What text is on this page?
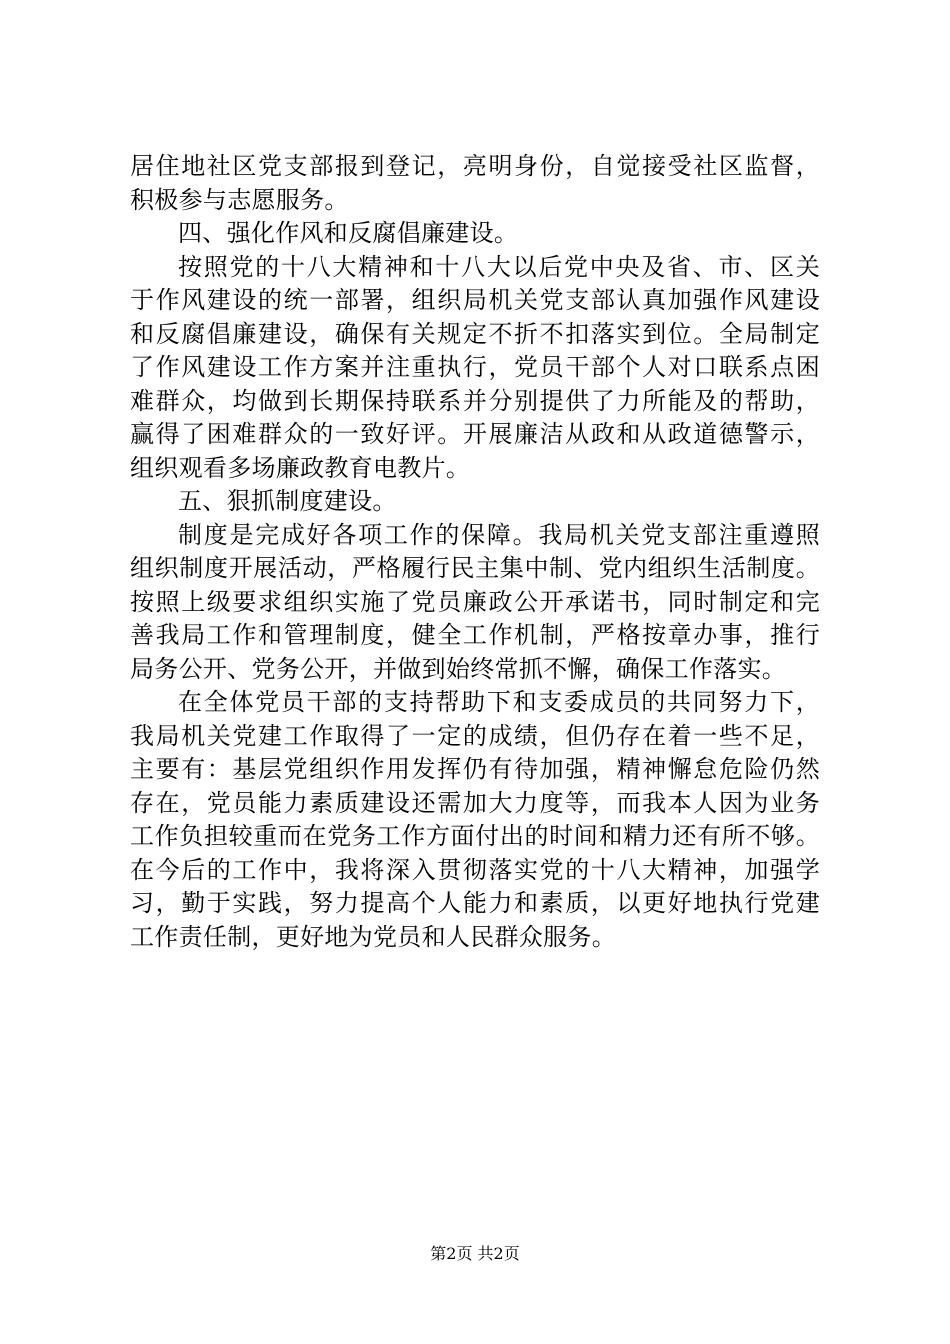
居住地社区党支部报到登记，亮明身份，自觉接受社区监督，
积极参与志愿服务。
四、强化作风和反腐倡廉建设。
按照党的十八大精神和十八大以后党中央及省、市、区关
于作风建设的统一部署，组织局机关党支部认真加强作风建设
和反腐倡廉建设，确保有关规定不折不扣落实到位。全局制定
了作风建设工作方案并注重执行，党员干部个人对口联系点困
难群众，均做到长期保持联系并分别提供了力所能及的帮助，
赢得了困难群众的一致好评。开展廉洁从政和从政道德警示，
组织观看多场廉政教育电教片。
五、狠抓制度建设。
制度是完成好各项工作的保障。我局机关党支部注重遵照
组织制度开展活动，严格履行民主集中制、党内组织生活制度。
按照上级要求组织实施了党员廉政公开承诺书，同时制定和完
善我局工作和管理制度，健全工作机制，严格按章办事，推行
局务公开、党务公开，并做到始终常抓不懈，确保工作落实。
在全体党员干部的支持帮助下和支委成员的共同努力下，
我局机关党建工作取得了一定的成绩，但仍存在着一些不足，
主要有：基层党组织作用发挥仍有待加强，精神懈怠危险仍然
存在，党员能力素质建设还需加大力度等，而我本人因为业务
工作负担较重而在党务工作方面付出的时间和精力还有所不够。
在今后的工作中，我将深入贯彻落实党的十八大精神，加强学
习，勤于实践，努力提高个人能力和素质，以更好地执行党建
工作责任制，更好地为党员和人民群众服务。
第2页 共2页
